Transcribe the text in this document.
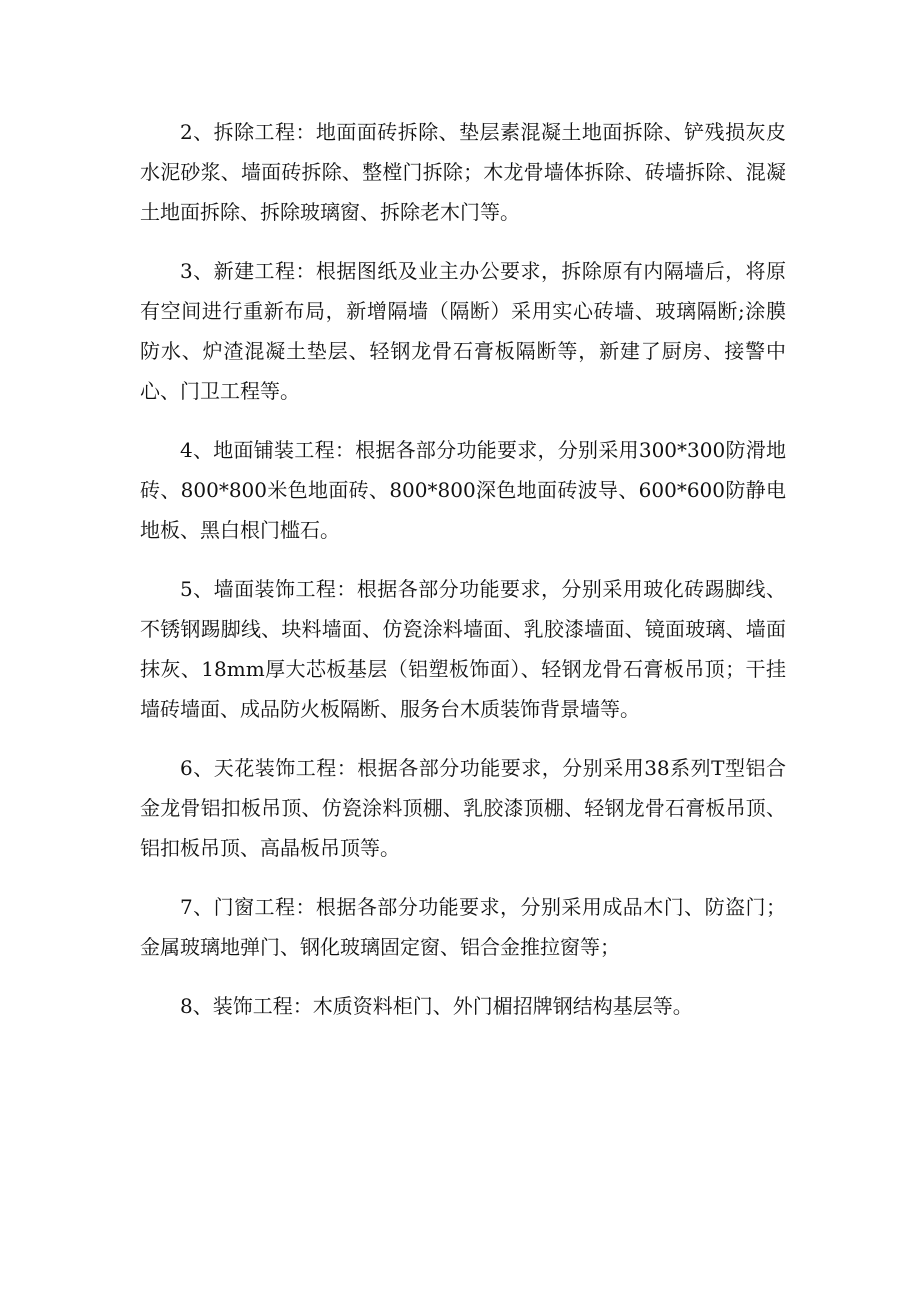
2、拆除工程：地面面砖拆除、垫层素混凝土地面拆除、铲残损灰皮水泥砂浆、墙面砖拆除、整樘门拆除；木龙骨墙体拆除、砖墙拆除、混凝土地面拆除、拆除玻璃窗、拆除老木门等。

3、新建工程：根据图纸及业主办公要求，拆除原有内隔墙后，将原有空间进行重新布局，新增隔墙（隔断）采用实心砖墙、玻璃隔断;涂膜防水、炉渣混凝土垫层、轻钢龙骨石膏板隔断等，新建了厨房、接警中心、门卫工程等。

4、地面铺装工程：根据各部分功能要求，分别采用300*300防滑地砖、800*800米色地面砖、800*800深色地面砖波导、600*600防静电地板、黑白根门槛石。

5、墙面装饰工程：根据各部分功能要求，分别采用玻化砖踢脚线、不锈钢踢脚线、块料墙面、仿瓷涂料墙面、乳胶漆墙面、镜面玻璃、墙面抹灰、18mm厚大芯板基层（铝塑板饰面）、轻钢龙骨石膏板吊顶；干挂墙砖墙面、成品防火板隔断、服务台木质装饰背景墙等。

6、天花装饰工程：根据各部分功能要求，分别采用38系列T型铝合金龙骨铝扣板吊顶、仿瓷涂料顶棚、乳胶漆顶棚、轻钢龙骨石膏板吊顶、铝扣板吊顶、高晶板吊顶等。

7、门窗工程：根据各部分功能要求，分别采用成品木门、防盗门；金属玻璃地弹门、钢化玻璃固定窗、铝合金推拉窗等；

8、装饰工程：木质资料柜门、外门楣招牌钢结构基层等。
